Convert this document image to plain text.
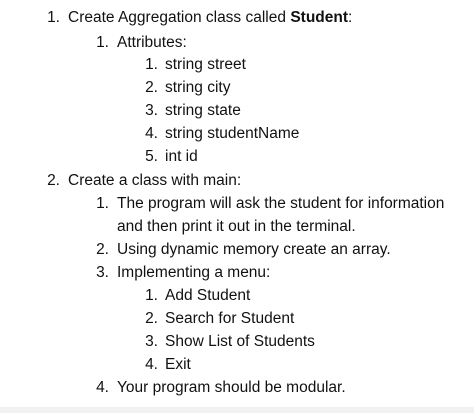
1. Create Aggregation class called Student:
1. Attributes:
1. string street
2. string city
3. string state
4. string studentName
5. int id
2. Create a class with main:
1. The program will ask the student for information
and then print it out in the terminal.
2. Using dynamic memory create an array.
3. Implementing a menu:
1. Add Student
2. Search for Student
3. Show List of Students
4. Exit
4. Your program should be modular.
